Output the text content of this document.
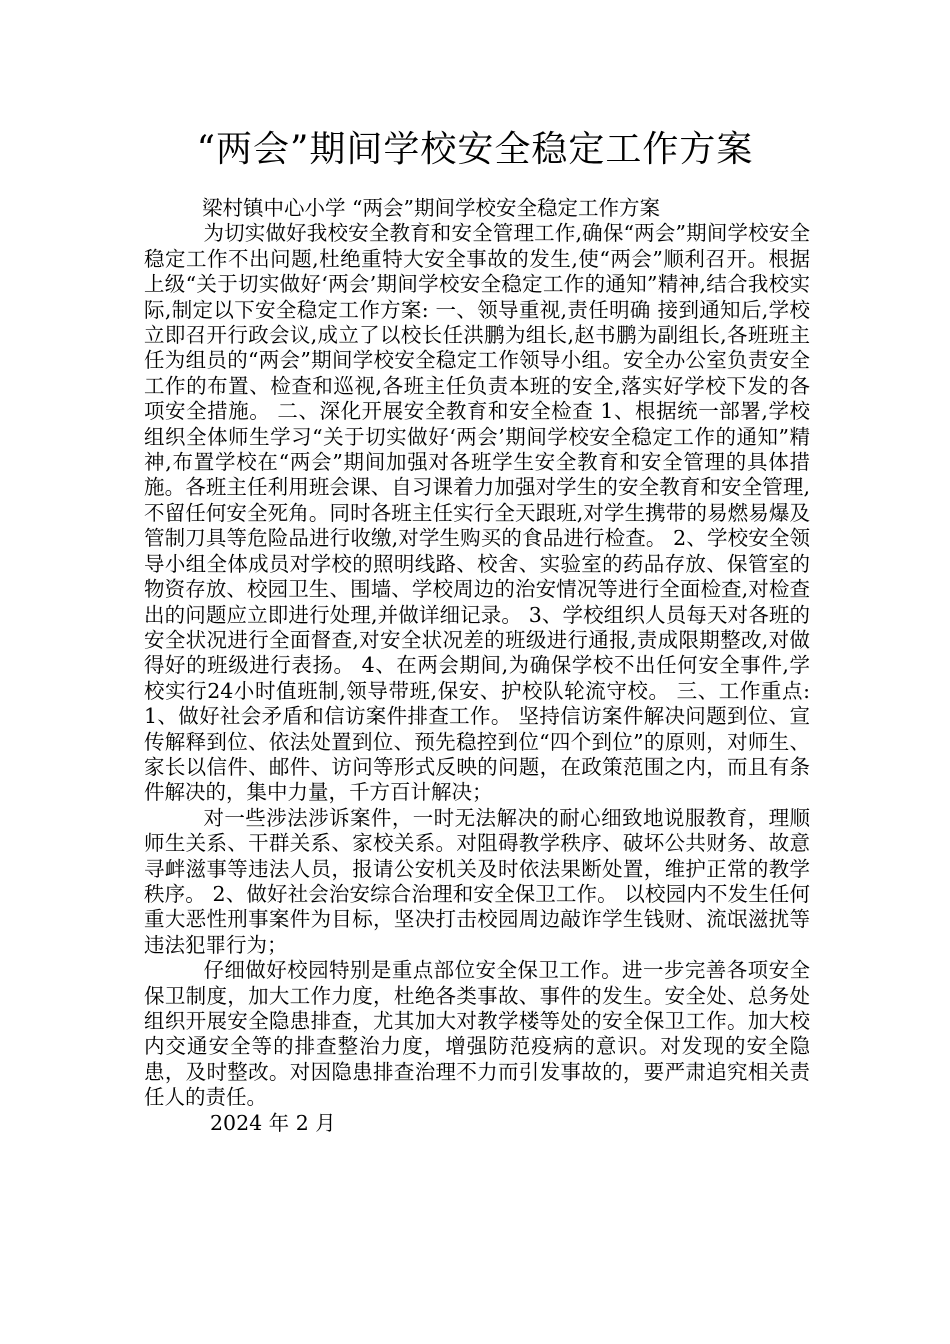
“两会”期间学校安全稳定工作方案

梁村镇中心小学 “两会”期间学校安全稳定工作方案

为切实做好我校安全教育和安全管理工作,确保“两会”期间学校安全稳定工作不出问题,杜绝重特大安全事故的发生,使“两会”顺利召开。根据上级“关于切实做好‘两会’期间学校安全稳定工作的通知”精神,结合我校实际,制定以下安全稳定工作方案: 一、领导重视,责任明确 接到通知后,学校立即召开行政会议,成立了以校长任洪鹏为组长,赵书鹏为副组长,各班班主任为组员的“两会”期间学校安全稳定工作领导小组。安全办公室负责安全工作的布置、检查和巡视,各班主任负责本班的安全,落实好学校下发的各项安全措施。 二、深化开展安全教育和安全检查 1、根据统一部署,学校组织全体师生学习“关于切实做好‘两会’期间学校安全稳定工作的通知”精神,布置学校在“两会”期间加强对各班学生安全教育和安全管理的具体措施。各班主任利用班会课、自习课着力加强对学生的安全教育和安全管理,不留任何安全死角。同时各班主任实行全天跟班,对学生携带的易燃易爆及管制刀具等危险品进行收缴,对学生购买的食品进行检查。 2、学校安全领导小组全体成员对学校的照明线路、校舍、实验室的药品存放、保管室的物资存放、校园卫生、围墙、学校周边的治安情况等进行全面检查,对检查出的问题应立即进行处理,并做详细记录。 3、学校组织人员每天对各班的安全状况进行全面督查,对安全状况差的班级进行通报,责成限期整改,对做得好的班级进行表扬。 4、在两会期间,为确保学校不出任何安全事件,学校实行24小时值班制,领导带班,保安、护校队轮流守校。 三、工作重点: 1、做好社会矛盾和信访案件排查工作。 坚持信访案件解决问题到位、宣传解释到位、依法处置到位、预先稳控到位“四个到位”的原则，对师生、家长以信件、邮件、访问等形式反映的问题，在政策范围之内，而且有条件解决的，集中力量，千方百计解决；

对一些涉法涉诉案件，一时无法解决的耐心细致地说服教育，理顺师生关系、干群关系、家校关系。对阻碍教学秩序、破坏公共财务、故意寻衅滋事等违法人员，报请公安机关及时依法果断处置，维护正常的教学秩序。 2、做好社会治安综合治理和安全保卫工作。 以校园内不发生任何重大恶性刑事案件为目标，坚决打击校园周边敲诈学生钱财、流氓滋扰等违法犯罪行为；

仔细做好校园特别是重点部位安全保卫工作。进一步完善各项安全保卫制度，加大工作力度，杜绝各类事故、事件的发生。安全处、总务处组织开展安全隐患排查，尤其加大对教学楼等处的安全保卫工作。加大校内交通安全等的排查整治力度，增强防范疫病的意识。对发现的安全隐患，及时整改。对因隐患排查治理不力而引发事故的，要严肃追究相关责任人的责任。

2024 年 2 月
